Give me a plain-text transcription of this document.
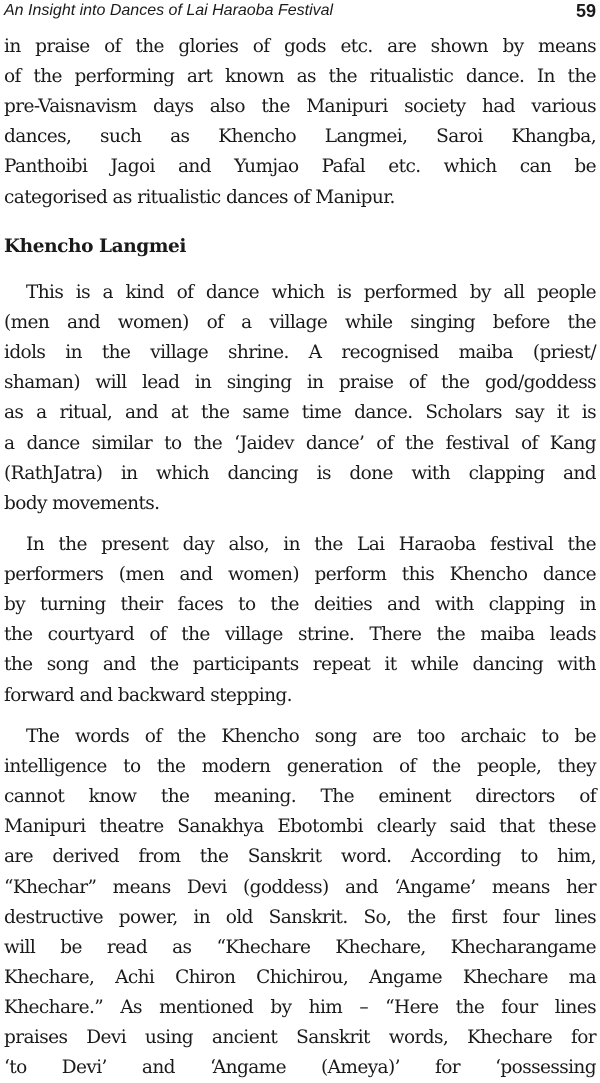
An Insight into Dances of Lai Haraoba Festival	59
Khencho Langmei
in praise of the glories of gods etc. are shown by means
of the performing art known as the ritualistic dance. In the
pre-Vaisnavism days also the Manipuri society had various
dances, such as Khencho Langmei, Saroi Khangba,
Panthoibi Jagoi and Yumjao Pafal etc. which can be
categorised as ritualistic dances of Manipur.
This is a kind of dance which is performed by all people
(men and women) of a village while singing before the
idols in the village shrine. A recognised maiba (priest/
shaman) will lead in singing in praise of the god/goddess
as a ritual, and at the same time dance. Scholars say it is
a dance similar to the ‘Jaidev dance’ of the festival of Kang
(RathJatra) in which dancing is done with clapping and
body movements.
In the present day also, in the Lai Haraoba festival the
performers (men and women) perform this Khencho dance
by turning their faces to the deities and with clapping in
the courtyard of the village strine. There the maiba leads
the song and the participants repeat it while dancing with
forward and backward stepping.
The words of the Khencho song are too archaic to be
intelligence to the modern generation of the people, they
cannot know the meaning. The eminent directors of
Manipuri theatre Sanakhya Ebotombi clearly said that these
are derived from the Sanskrit word. According to him,
“Khechar” means Devi (goddess) and ‘Angame’ means her
destructive power, in old Sanskrit. So, the first four lines
will be read as “Khechare Khechare, Khecharangame
Khechare, Achi Chiron Chichirou, Angame Khechare ma
Khechare.” As mentioned by him – “Here the four lines
praises Devi using ancient Sanskrit words, Khechare for
‘to Devi’ and ‘Angame (Ameya)’ for ‘possessing
